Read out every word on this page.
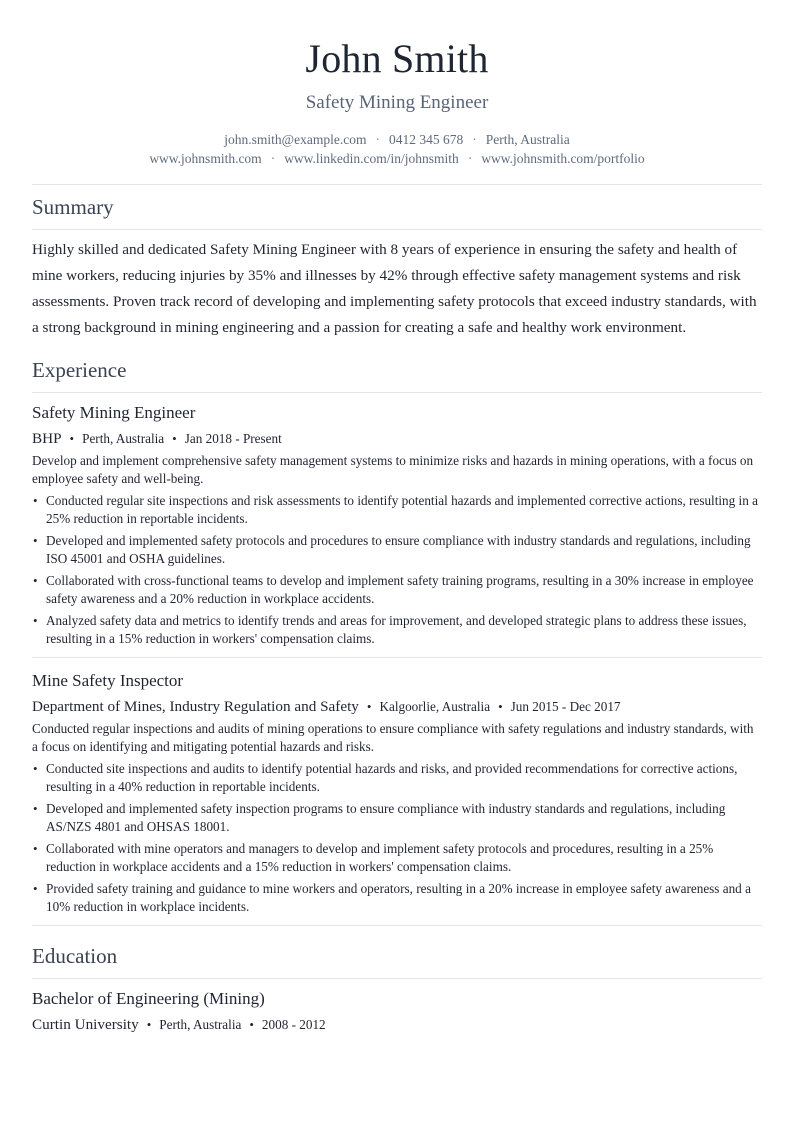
John Smith
Safety Mining Engineer
john.smith@example.com · 0412 345 678 · Perth, Australia
www.johnsmith.com · www.linkedin.com/in/johnsmith · www.johnsmith.com/portfolio
Summary

Highly skilled and dedicated Safety Mining Engineer with 8 years of experience in ensuring the safety and health of mine workers, reducing injuries by 35% and illnesses by 42% through effective safety management systems and risk assessments. Proven track record of developing and implementing safety protocols that exceed industry standards, with a strong background in mining engineering and a passion for creating a safe and healthy work environment.

Experience
Safety Mining Engineer
BHP • Perth, Australia • Jan 2018 - Present

Develop and implement comprehensive safety management systems to minimize risks and hazards in mining operations, with a focus on employee safety and well-being.

• Conducted regular site inspections and risk assessments to identify potential hazards and implemented corrective actions, resulting in a 25% reduction in reportable incidents.
• Developed and implemented safety protocols and procedures to ensure compliance with industry standards and regulations, including ISO 45001 and OSHA guidelines.
• Collaborated with cross-functional teams to develop and implement safety training programs, resulting in a 30% increase in employee safety awareness and a 20% reduction in workplace accidents.
• Analyzed safety data and metrics to identify trends and areas for improvement, and developed strategic plans to address these issues, resulting in a 15% reduction in workers' compensation claims.
Mine Safety Inspector
Department of Mines, Industry Regulation and Safety • Kalgoorlie, Australia • Jun 2015 - Dec 2017

Conducted regular inspections and audits of mining operations to ensure compliance with safety regulations and industry standards, with a focus on identifying and mitigating potential hazards and risks.

• Conducted site inspections and audits to identify potential hazards and risks, and provided recommendations for corrective actions, resulting in a 40% reduction in reportable incidents.
• Developed and implemented safety inspection programs to ensure compliance with industry standards and regulations, including AS/NZS 4801 and OHSAS 18001.
• Collaborated with mine operators and managers to develop and implement safety protocols and procedures, resulting in a 25% reduction in workplace accidents and a 15% reduction in workers' compensation claims.
• Provided safety training and guidance to mine workers and operators, resulting in a 20% increase in employee safety awareness and a 10% reduction in workplace incidents.
Education
Bachelor of Engineering (Mining)
Curtin University • Perth, Australia • 2008 - 2012
